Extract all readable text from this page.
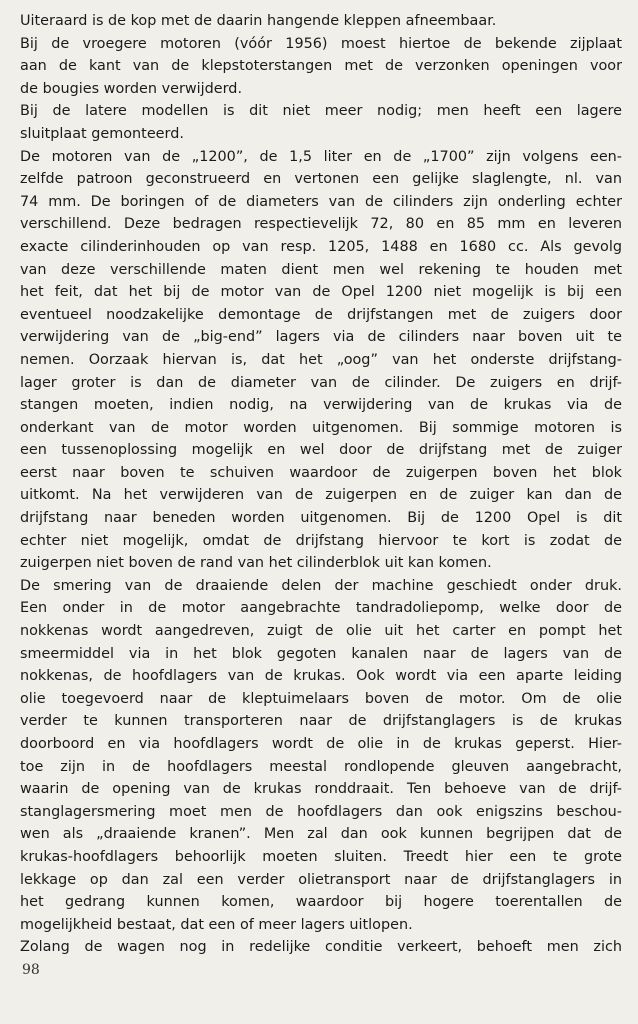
Uiteraard is de kop met de daarin hangende kleppen afneembaar.
Bij de vroegere motoren (vóór 1956) moest hiertoe de bekende zijplaat
aan de kant van de klepstoterstangen met de verzonken openingen voor
de bougies worden verwijderd.
Bij de latere modellen is dit niet meer nodig; men heeft een lagere
sluitplaat gemonteerd.
De motoren van de „1200”, de 1,5 liter en de „1700” zijn volgens een-
zelfde patroon geconstrueerd en vertonen een gelijke slaglengte, nl. van
74 mm. De boringen of de diameters van de cilinders zijn onderling echter
verschillend. Deze bedragen respectievelijk 72, 80 en 85 mm en leveren
exacte cilinderinhouden op van resp. 1205, 1488 en 1680 cc. Als gevolg
van deze verschillende maten dient men wel rekening te houden met
het feit, dat het bij de motor van de Opel 1200 niet mogelijk is bij een
eventueel noodzakelijke demontage de drijfstangen met de zuigers door
verwijdering van de „big-end” lagers via de cilinders naar boven uit te
nemen. Oorzaak hiervan is, dat het „oog” van het onderste drijfstang-
lager groter is dan de diameter van de cilinder. De zuigers en drijf-
stangen moeten, indien nodig, na verwijdering van de krukas via de
onderkant van de motor worden uitgenomen. Bij sommige motoren is
een tussenoplossing mogelijk en wel door de drijfstang met de zuiger
eerst naar boven te schuiven waardoor de zuigerpen boven het blok
uitkomt. Na het verwijderen van de zuigerpen en de zuiger kan dan de
drijfstang naar beneden worden uitgenomen. Bij de 1200 Opel is dit
echter niet mogelijk, omdat de drijfstang hiervoor te kort is zodat de
zuigerpen niet boven de rand van het cilinderblok uit kan komen.
De smering van de draaiende delen der machine geschiedt onder druk.
Een onder in de motor aangebrachte tandradoliepomp, welke door de
nokkenas wordt aangedreven, zuigt de olie uit het carter en pompt het
smeermiddel via in het blok gegoten kanalen naar de lagers van de
nokkenas, de hoofdlagers van de krukas. Ook wordt via een aparte leiding
olie toegevoerd naar de kleptuimelaars boven de motor. Om de olie
verder te kunnen transporteren naar de drijfstanglagers is de krukas
doorboord en via hoofdlagers wordt de olie in de krukas geperst. Hier-
toe zijn in de hoofdlagers meestal rondlopende gleuven aangebracht,
waarin de opening van de krukas ronddraait. Ten behoeve van de drijf-
stanglagersmering moet men de hoofdlagers dan ook enigszins beschou-
wen als „draaiende kranen”. Men zal dan ook kunnen begrijpen dat de
krukas-hoofdlagers behoorlijk moeten sluiten. Treedt hier een te grote
lekkage op dan zal een verder olietransport naar de drijfstanglagers in
het gedrang kunnen komen, waardoor bij hogere toerentallen de
mogelijkheid bestaat, dat een of meer lagers uitlopen.
Zolang de wagen nog in redelijke conditie verkeert, behoeft men zich
98
